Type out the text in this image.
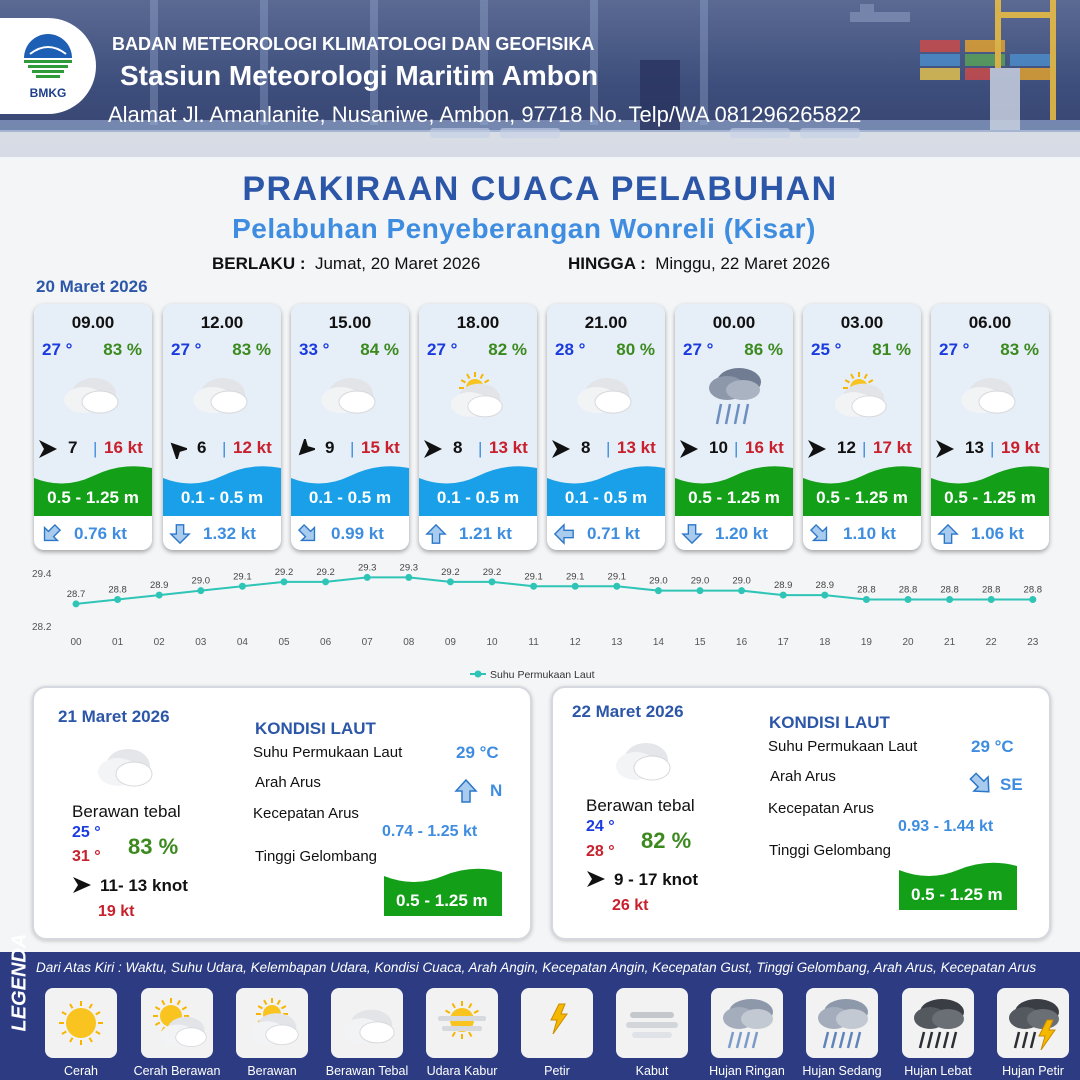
BMKG
BADAN METEOROLOGI KLIMATOLOGI DAN GEOFISIKA
Stasiun Meteorologi Maritim Ambon
Alamat Jl. Amanlanite, Nusaniwe, Ambon, 97718 No. Telp/WA 081296265822
PRAKIRAAN CUACA PELABUHAN
Pelabuhan Penyeberangan Wonreli (Kisar)
BERLAKU : Jumat, 20 Maret 2026	HINGGA : Minggu, 22 Maret 2026
20 Maret 2026
09.00
27 ° 83 %
7 | 16 kt
0.5 - 1.25 m
0.76 kt
12.00
27 ° 83 %
6 | 12 kt
0.1 - 0.5 m
1.32 kt
15.00
33 ° 84 %
9 | 15 kt
0.1 - 0.5 m
0.99 kt
18.00
27 ° 82 %
8 | 13 kt
0.1 - 0.5 m
1.21 kt
21.00
28 ° 80 %
8 | 13 kt
0.1 - 0.5 m
0.71 kt
00.00
27 ° 86 %
10 | 16 kt
0.5 - 1.25 m
1.20 kt
03.00
25 ° 81 %
12 | 17 kt
0.5 - 1.25 m
1.10 kt
06.00
27 ° 83 %
13 | 19 kt
0.5 - 1.25 m
1.06 kt
29.4
28.2
28.7
00
28.8
01
28.9
02
29.0
03
29.1
04
29.2
05
29.2
06
29.3
07
29.3
08
29.2
09
29.2
10
29.1
11
29.1
12
29.1
13
29.0
14
29.0
15
29.0
16
28.9
17
28.9
18
28.8
19
28.8
20
28.8
21
28.8
22
28.8
23
Suhu Permukaan Laut
21 Maret 2026
Berawan tebal
25 °
31 ° 83 %
11- 13 knot
19 kt
KONDISI LAUT
Suhu Permukaan Laut	29 °C
Arah Arus	N
Kecepatan Arus
0.74 - 1.25 kt
Tinggi Gelombang
0.5 - 1.25 m
22 Maret 2026
Berawan tebal
24 °
28 ° 82 %
9 - 17 knot
26 kt
KONDISI LAUT
Suhu Permukaan Laut	29 °C
Arah Arus	SE
Kecepatan Arus
0.93 - 1.44 kt
Tinggi Gelombang
0.5 - 1.25 m
LEGENDA Dari Atas Kiri : Waktu, Suhu Udara, Kelembapan Udara, Kondisi Cuaca, Arah Angin, Kecepatan Angin, Kecepatan Gust, Tinggi Gelombang, Arah Arus, Kecepatan Arus
Cerah	Cerah Berawan	Berawan	Berawan Tebal	Udara Kabur	Petir	Kabut	Hujan Ringan	Hujan Sedang	Hujan Lebat	Hujan Petir
